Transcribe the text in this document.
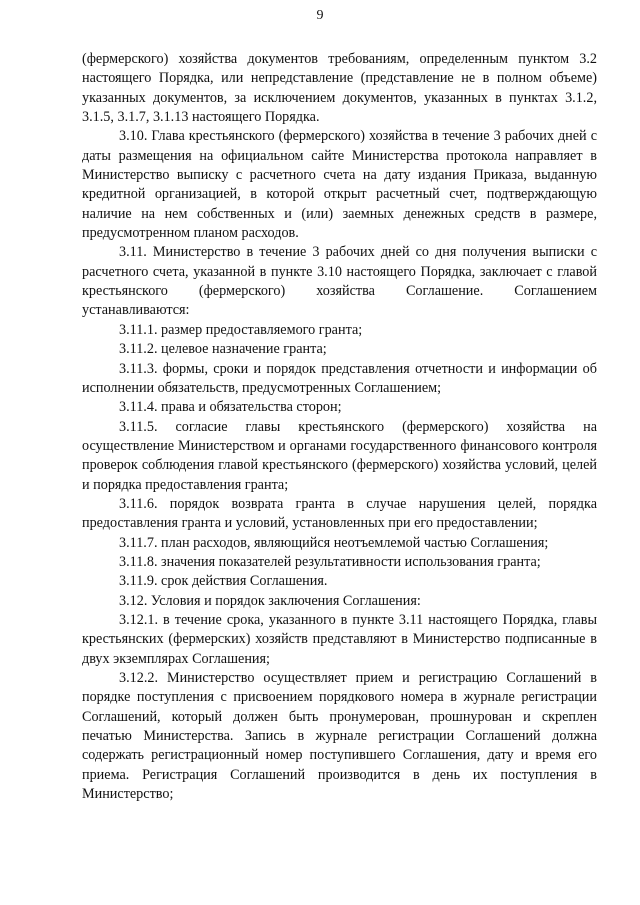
9

(фермерского) хозяйства документов требованиям, определенным пунктом 3.2 настоящего Порядка, или непредставление (представление не в полном объеме) указанных документов, за исключением документов, указанных в пунктах 3.1.2, 3.1.5, 3.1.7, 3.1.13 настоящего Порядка.

3.10. Глава крестьянского (фермерского) хозяйства в течение 3 рабочих дней с даты размещения на официальном сайте Министерства протокола направляет в Министерство выписку с расчетного счета на дату издания Приказа, выданную кредитной организацией, в которой открыт расчетный счет, подтверждающую наличие на нем собственных и (или) заемных денежных средств в размере, предусмотренном планом расходов.

3.11. Министерство в течение 3 рабочих дней со дня получения выписки с расчетного счета, указанной в пункте 3.10 настоящего Порядка, заключает с главой крестьянского (фермерского) хозяйства Соглашение. Соглашением устанавливаются:

3.11.1. размер предоставляемого гранта;

3.11.2. целевое назначение гранта;

3.11.3. формы, сроки и порядок представления отчетности и информации об исполнении обязательств, предусмотренных Соглашением;

3.11.4. права и обязательства сторон;

3.11.5. согласие главы крестьянского (фермерского) хозяйства на осуществление Министерством и органами государственного финансового контроля проверок соблюдения главой крестьянского (фермерского) хозяйства условий, целей и порядка предоставления гранта;

3.11.6. порядок возврата гранта в случае нарушения целей, порядка предоставления гранта и условий, установленных при его предоставлении;

3.11.7. план расходов, являющийся неотъемлемой частью Соглашения;

3.11.8. значения показателей результативности использования гранта;

3.11.9. срок действия Соглашения.

3.12. Условия и порядок заключения Соглашения:

3.12.1. в течение срока, указанного в пункте 3.11 настоящего Порядка, главы крестьянских (фермерских) хозяйств представляют в Министерство подписанные в двух экземплярах Соглашения;

3.12.2. Министерство осуществляет прием и регистрацию Соглашений в порядке поступления с присвоением порядкового номера в журнале регистрации Соглашений, который должен быть пронумерован, прошнурован и скреплен печатью Министерства. Запись в журнале регистрации Соглашений должна содержать регистрационный номер поступившего Соглашения, дату и время его приема. Регистрация Соглашений производится в день их поступления в Министерство;
